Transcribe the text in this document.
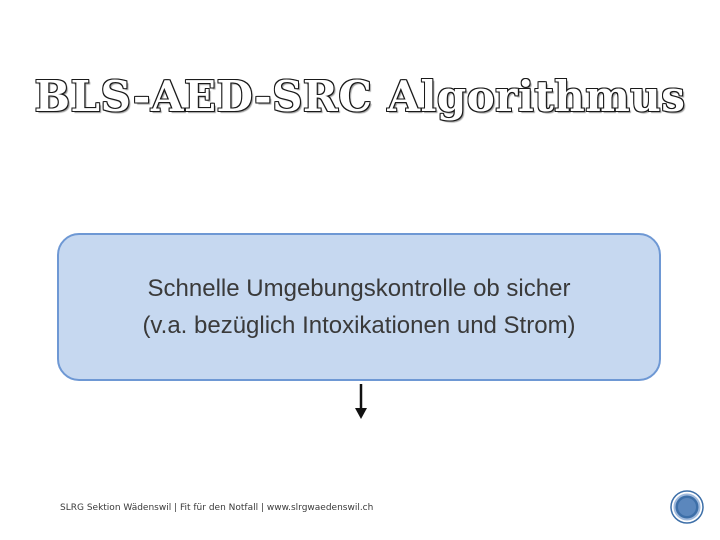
BLS-AED-SRC Algorithmus
Schnelle Umgebungskontrolle ob sicher
(v.a. bezüglich Intoxikationen und Strom)
SLRG Sektion Wädenswil | Fit für den Notfall | www.slrgwaedenswil.ch
